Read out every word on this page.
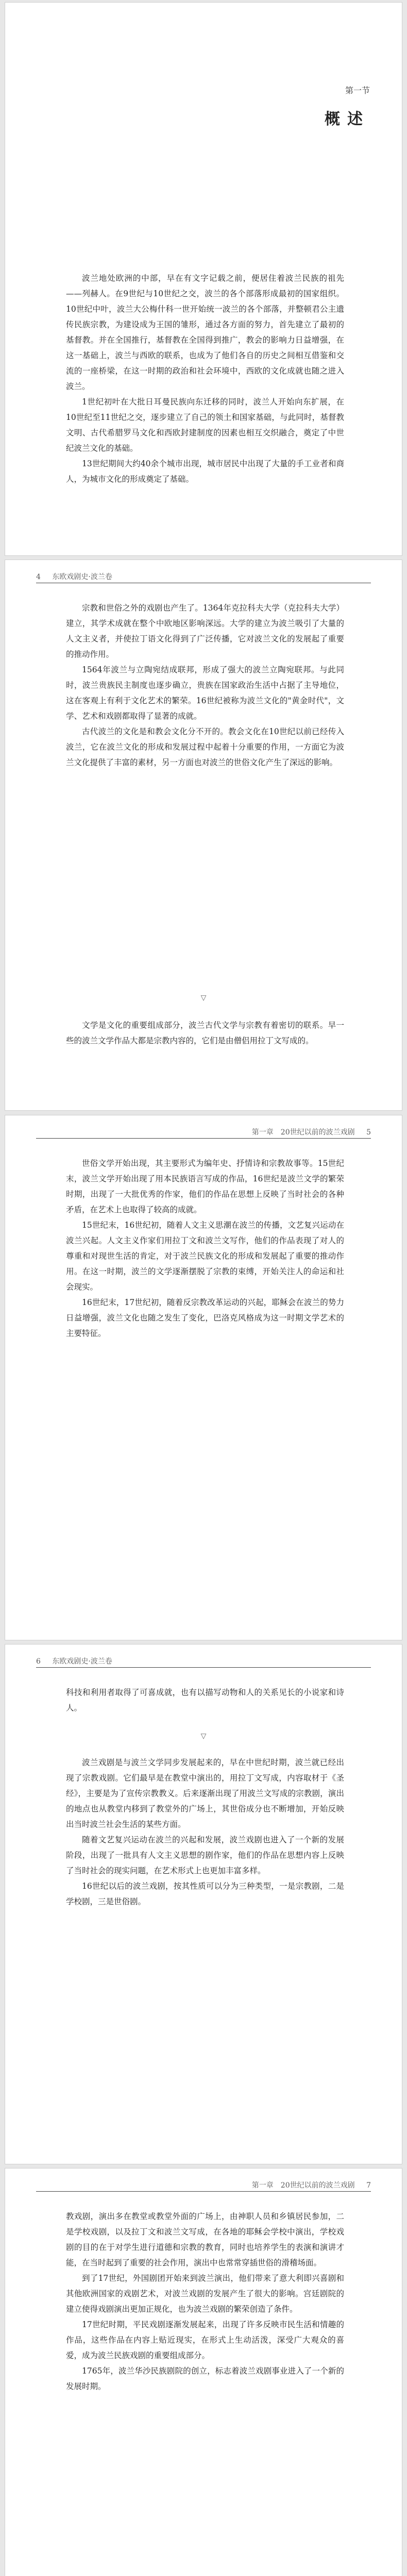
第一节
概述

波兰地处欧洲的中部，早在有文字记载之前，便居住着波兰民族的祖先——列赫人。在9世纪与10世纪之交，波兰的各个部落形成最初的国家组织。10世纪中叶，波兰大公梅什科一世开始统一波兰的各个部落，并整顿君公主遗传民族宗教，为建设成为王国的雏形，通过各方面的努力，首先建立了最初的基督教。并在全国推行，基督教在全国得到推广，教会的影响力日益增强，在这一基础上，波兰与西欧的联系，也成为了他们各自的历史之间相互借鉴和交流的一座桥梁，在这一时期的政治和社会环境中，西欧的文化成就也随之进入波兰。

1世纪初叶在大批日耳曼民族向东迁移的同时，波兰人开始向东扩展，在10世纪至11世纪之交，逐步建立了自己的领土和国家基础，与此同时，基督教文明、古代希腊罗马文化和西欧封建制度的因素也相互交织融合，奠定了中世纪波兰文化的基础。

13世纪期间大约40余个城市出现，城市居民中出现了大量的手工业者和商人，为城市文化的形成奠定了基础。

4 东欧戏剧史·波兰卷

宗教和世俗之外的戏剧也产生了。1364年克拉科夫大学（克拉科夫大学）建立，其学术成就在整个中欧地区影响深远。大学的建立为波兰吸引了大量的人文主义者，并使拉丁语文化得到了广泛传播，它对波兰文化的发展起了重要的推动作用。

1564年波兰与立陶宛结成联邦，形成了强大的波兰立陶宛联邦。与此同时，波兰贵族民主制度也逐步确立，贵族在国家政治生活中占据了主导地位，这在客观上有利于文化艺术的繁荣。16世纪被称为波兰文化的"黄金时代"，文学、艺术和戏剧都取得了显著的成就。

古代波兰的文化是和教会文化分不开的。教会文化在10世纪以前已经传入波兰，它在波兰文化的形成和发展过程中起着十分重要的作用，一方面它为波兰文化提供了丰富的素材，另一方面也对波兰的世俗文化产生了深远的影响。

▽

文学是文化的重要组成部分，波兰古代文学与宗教有着密切的联系。早一些的波兰文学作品大都是宗教内容的，它们是由僧侣用拉丁文写成的。

第一章　20世纪以前的波兰戏剧 5

世俗文学开始出现，其主要形式为编年史、抒情诗和宗教故事等。15世纪末，波兰文学开始出现了用本民族语言写成的作品，16世纪是波兰文学的繁荣时期，出现了一大批优秀的作家，他们的作品在思想上反映了当时社会的各种矛盾，在艺术上也取得了较高的成就。

15世纪末，16世纪初，随着人文主义思潮在波兰的传播，文艺复兴运动在波兰兴起。人文主义作家们用拉丁文和波兰文写作，他们的作品表现了对人的尊重和对现世生活的肯定，对于波兰民族文化的形成和发展起了重要的推动作用。在这一时期，波兰的文学逐渐摆脱了宗教的束缚，开始关注人的命运和社会现实。

16世纪末，17世纪初，随着反宗教改革运动的兴起，耶稣会在波兰的势力日益增强，波兰文化也随之发生了变化，巴洛克风格成为这一时期文学艺术的主要特征。

6 东欧戏剧史·波兰卷

科技和利用者取得了可喜成就，也有以描写动物和人的关系见长的小说家和诗人。

▽

波兰戏剧是与波兰文学同步发展起来的，早在中世纪时期，波兰就已经出现了宗教戏剧。它们最早是在教堂中演出的，用拉丁文写成，内容取材于《圣经》，主要是为了宣传宗教教义。后来逐渐出现了用波兰文写成的宗教剧，演出的地点也从教堂内移到了教堂外的广场上，其世俗成分也不断增加，开始反映出当时波兰社会生活的某些方面。

随着文艺复兴运动在波兰的兴起和发展，波兰戏剧也进入了一个新的发展阶段，出现了一批具有人文主义思想的剧作家，他们的作品在思想内容上反映了当时社会的现实问题，在艺术形式上也更加丰富多样。

16世纪以后的波兰戏剧，按其性质可以分为三种类型，一是宗教剧，二是学校剧，三是世俗剧。

第一章　20世纪以前的波兰戏剧 7

教戏剧，演出多在教堂或教堂外面的广场上，由神职人员和乡镇居民参加，二是学校戏剧，以及拉丁文和波兰文写成，在各地的耶稣会学校中演出，学校戏剧的目的在于对学生进行道德和宗教的教育，同时也培养学生的表演和演讲才能，在当时起到了重要的社会作用，演出中也常常穿插世俗的滑稽场面。

到了17世纪，外国剧团开始来到波兰演出，他们带来了意大利即兴喜剧和其他欧洲国家的戏剧艺术，对波兰戏剧的发展产生了很大的影响。宫廷剧院的建立使得戏剧演出更加正规化，也为波兰戏剧的繁荣创造了条件。

17世纪时期，平民戏剧逐渐发展起来，出现了许多反映市民生活和情趣的作品，这些作品在内容上贴近现实，在形式上生动活泼，深受广大观众的喜爱，成为波兰民族戏剧的重要组成部分。

1765年，波兰华沙民族剧院的创立，标志着波兰戏剧事业进入了一个新的发展时期。
